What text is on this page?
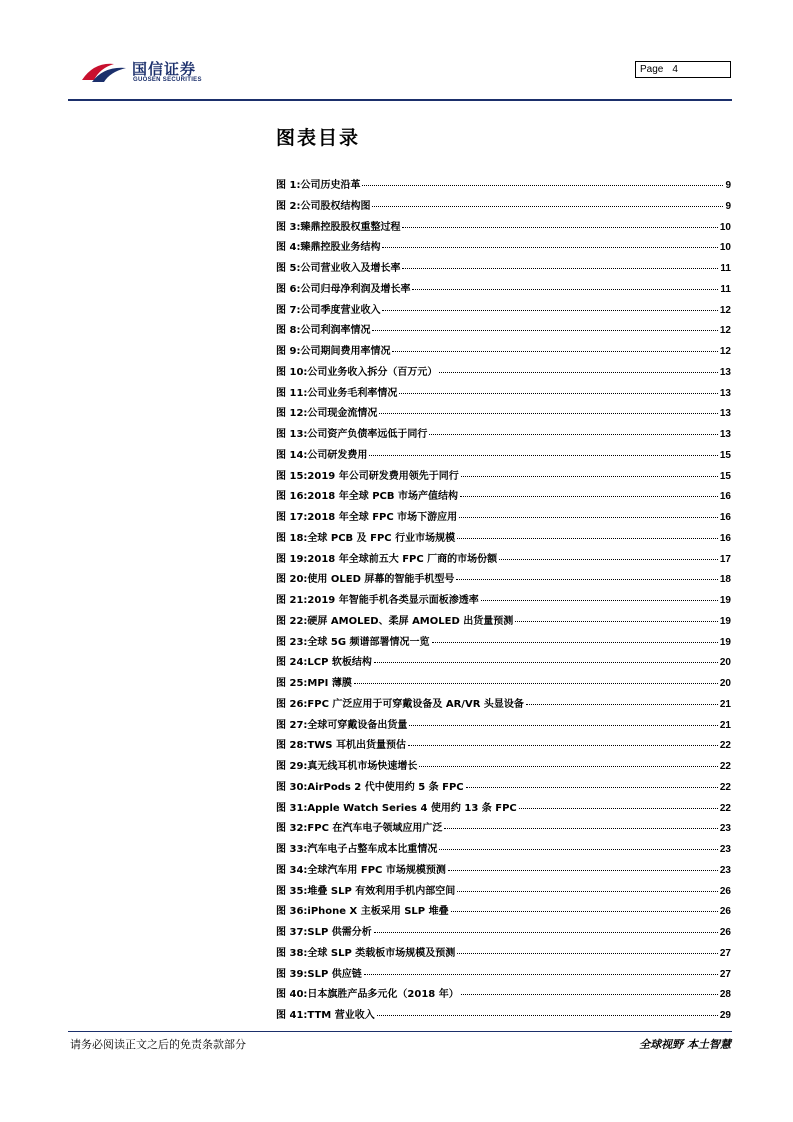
国信证券
GUOSEN SECURITIES
Page 4
图表目录
图 1: 公司历史沿革	9
图 2: 公司股权结构图	9
图 3: 臻鼎控股股权重整过程	10
图 4: 臻鼎控股业务结构	10
图 5: 公司营业收入及增长率	11
图 6: 公司归母净利润及增长率	11
图 7: 公司季度营业收入	12
图 8: 公司利润率情况	12
图 9: 公司期间费用率情况	12
图 10: 公司业务收入拆分（百万元）	13
图 11: 公司业务毛利率情况	13
图 12: 公司现金流情况	13
图 13: 公司资产负债率远低于同行	13
图 14: 公司研发费用	15
图 15: 2019 年公司研发费用领先于同行	15
图 16: 2018 年全球 PCB 市场产值结构	16
图 17: 2018 年全球 FPC 市场下游应用	16
图 18: 全球 PCB 及 FPC 行业市场规模	16
图 19: 2018 年全球前五大 FPC 厂商的市场份额	17
图 20: 使用 OLED 屏幕的智能手机型号	18
图 21: 2019 年智能手机各类显示面板渗透率	19
图 22: 硬屏 AMOLED、柔屏 AMOLED 出货量预测	19
图 23: 全球 5G 频谱部署情况一览	19
图 24: LCP 软板结构	20
图 25: MPI 薄膜	20
图 26: FPC 广泛应用于可穿戴设备及 AR/VR 头显设备	21
图 27: 全球可穿戴设备出货量	21
图 28: TWS 耳机出货量预估	22
图 29: 真无线耳机市场快速增长	22
图 30: AirPods 2 代中使用约 5 条 FPC	22
图 31: Apple Watch Series 4 使用约 13 条 FPC	22
图 32: FPC 在汽车电子领域应用广泛	23
图 33: 汽车电子占整车成本比重情况	23
图 34: 全球汽车用 FPC 市场规模预测	23
图 35: 堆叠 SLP 有效利用手机内部空间	26
图 36: iPhone X 主板采用 SLP 堆叠	26
图 37: SLP 供需分析	26
图 38: 全球 SLP 类载板市场规模及预测	27
图 39: SLP 供应链	27
图 40: 日本旗胜产品多元化（2018 年）	28
图 41: TTM 营业收入	29
请务必阅读正文之后的免责条款部分	全球视野 本土智慧
